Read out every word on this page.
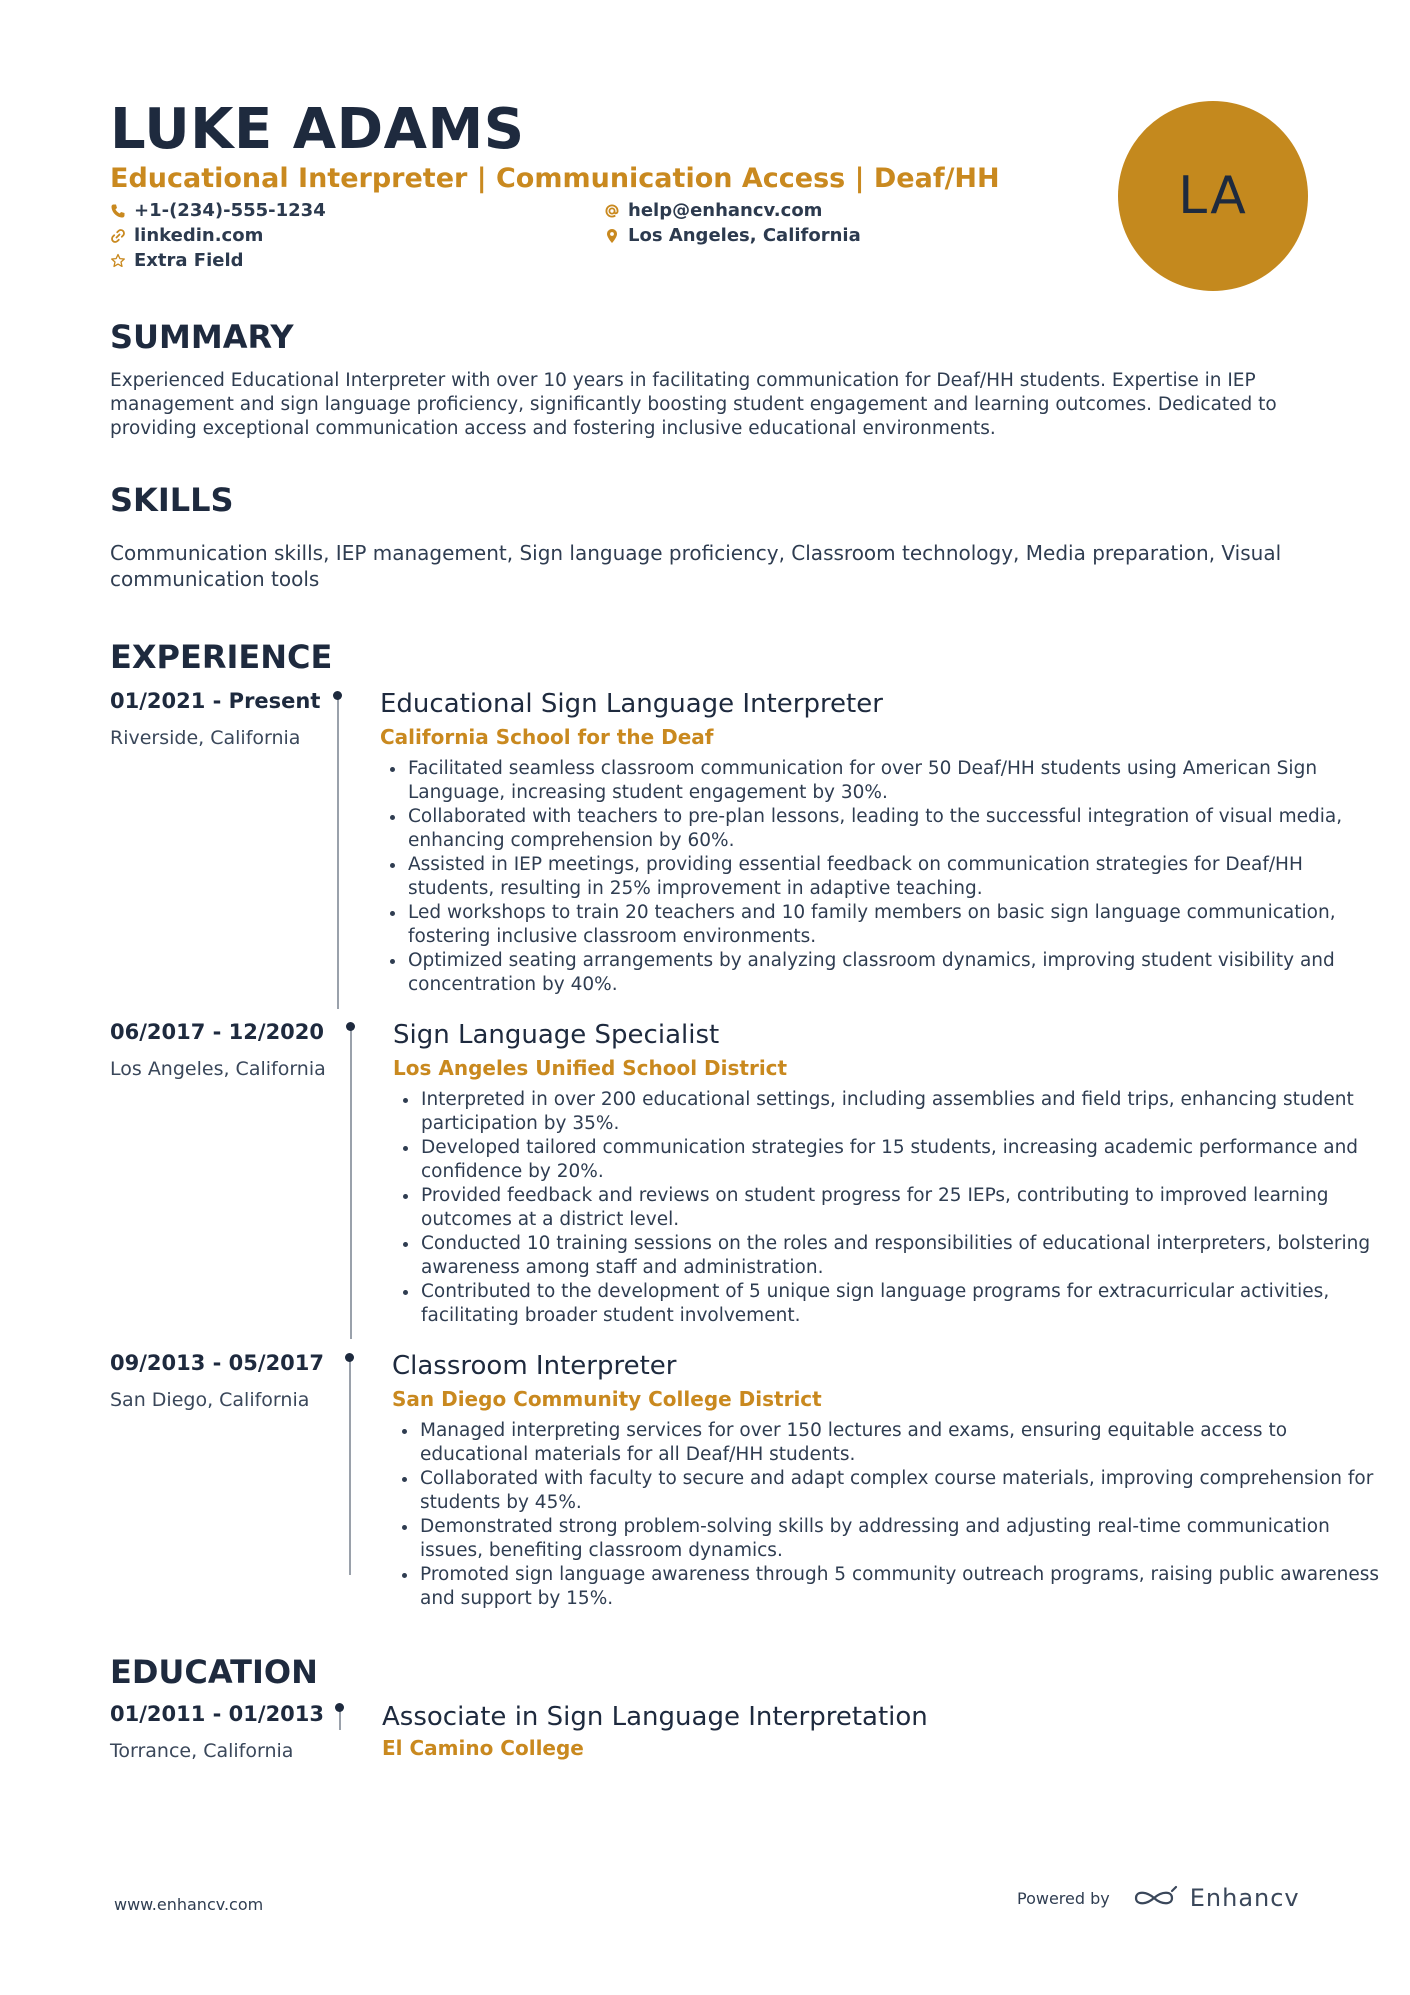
LUKE ADAMS
Educational Interpreter | Communication Access | Deaf/HH
+1-(234)-555-1234	help@enhancv.com
linkedin.com	Los Angeles, California
Extra Field
LA
SUMMARY
Experienced Educational Interpreter with over 10 years in facilitating communication for Deaf/HH students. Expertise in IEP management and sign language proficiency, significantly boosting student engagement and learning outcomes. Dedicated to providing exceptional communication access and fostering inclusive educational environments.
SKILLS
Communication skills, IEP management, Sign language proficiency, Classroom technology, Media preparation, Visual communication tools
EXPERIENCE
01/2021 - Present
Riverside, California
Educational Sign Language Interpreter
California School for the Deaf
Facilitated seamless classroom communication for over 50 Deaf/HH students using American Sign Language, increasing student engagement by 30%.
Collaborated with teachers to pre-plan lessons, leading to the successful integration of visual media, enhancing comprehension by 60%.
Assisted in IEP meetings, providing essential feedback on communication strategies for Deaf/HH students, resulting in 25% improvement in adaptive teaching.
Led workshops to train 20 teachers and 10 family members on basic sign language communication, fostering inclusive classroom environments.
Optimized seating arrangements by analyzing classroom dynamics, improving student visibility and concentration by 40%.
06/2017 - 12/2020
Los Angeles, California
Sign Language Specialist
Los Angeles Unified School District
Interpreted in over 200 educational settings, including assemblies and field trips, enhancing student participation by 35%.
Developed tailored communication strategies for 15 students, increasing academic performance and confidence by 20%.
Provided feedback and reviews on student progress for 25 IEPs, contributing to improved learning outcomes at a district level.
Conducted 10 training sessions on the roles and responsibilities of educational interpreters, bolstering awareness among staff and administration.
Contributed to the development of 5 unique sign language programs for extracurricular activities, facilitating broader student involvement.
09/2013 - 05/2017
San Diego, California
Classroom Interpreter
San Diego Community College District
Managed interpreting services for over 150 lectures and exams, ensuring equitable access to educational materials for all Deaf/HH students.
Collaborated with faculty to secure and adapt complex course materials, improving comprehension for students by 45%.
Demonstrated strong problem-solving skills by addressing and adjusting real-time communication issues, benefiting classroom dynamics.
Promoted sign language awareness through 5 community outreach programs, raising public awareness and support by 15%.
EDUCATION
01/2011 - 01/2013
Torrance, California
Associate in Sign Language Interpretation
El Camino College
www.enhancv.com	Powered by	Enhancv
